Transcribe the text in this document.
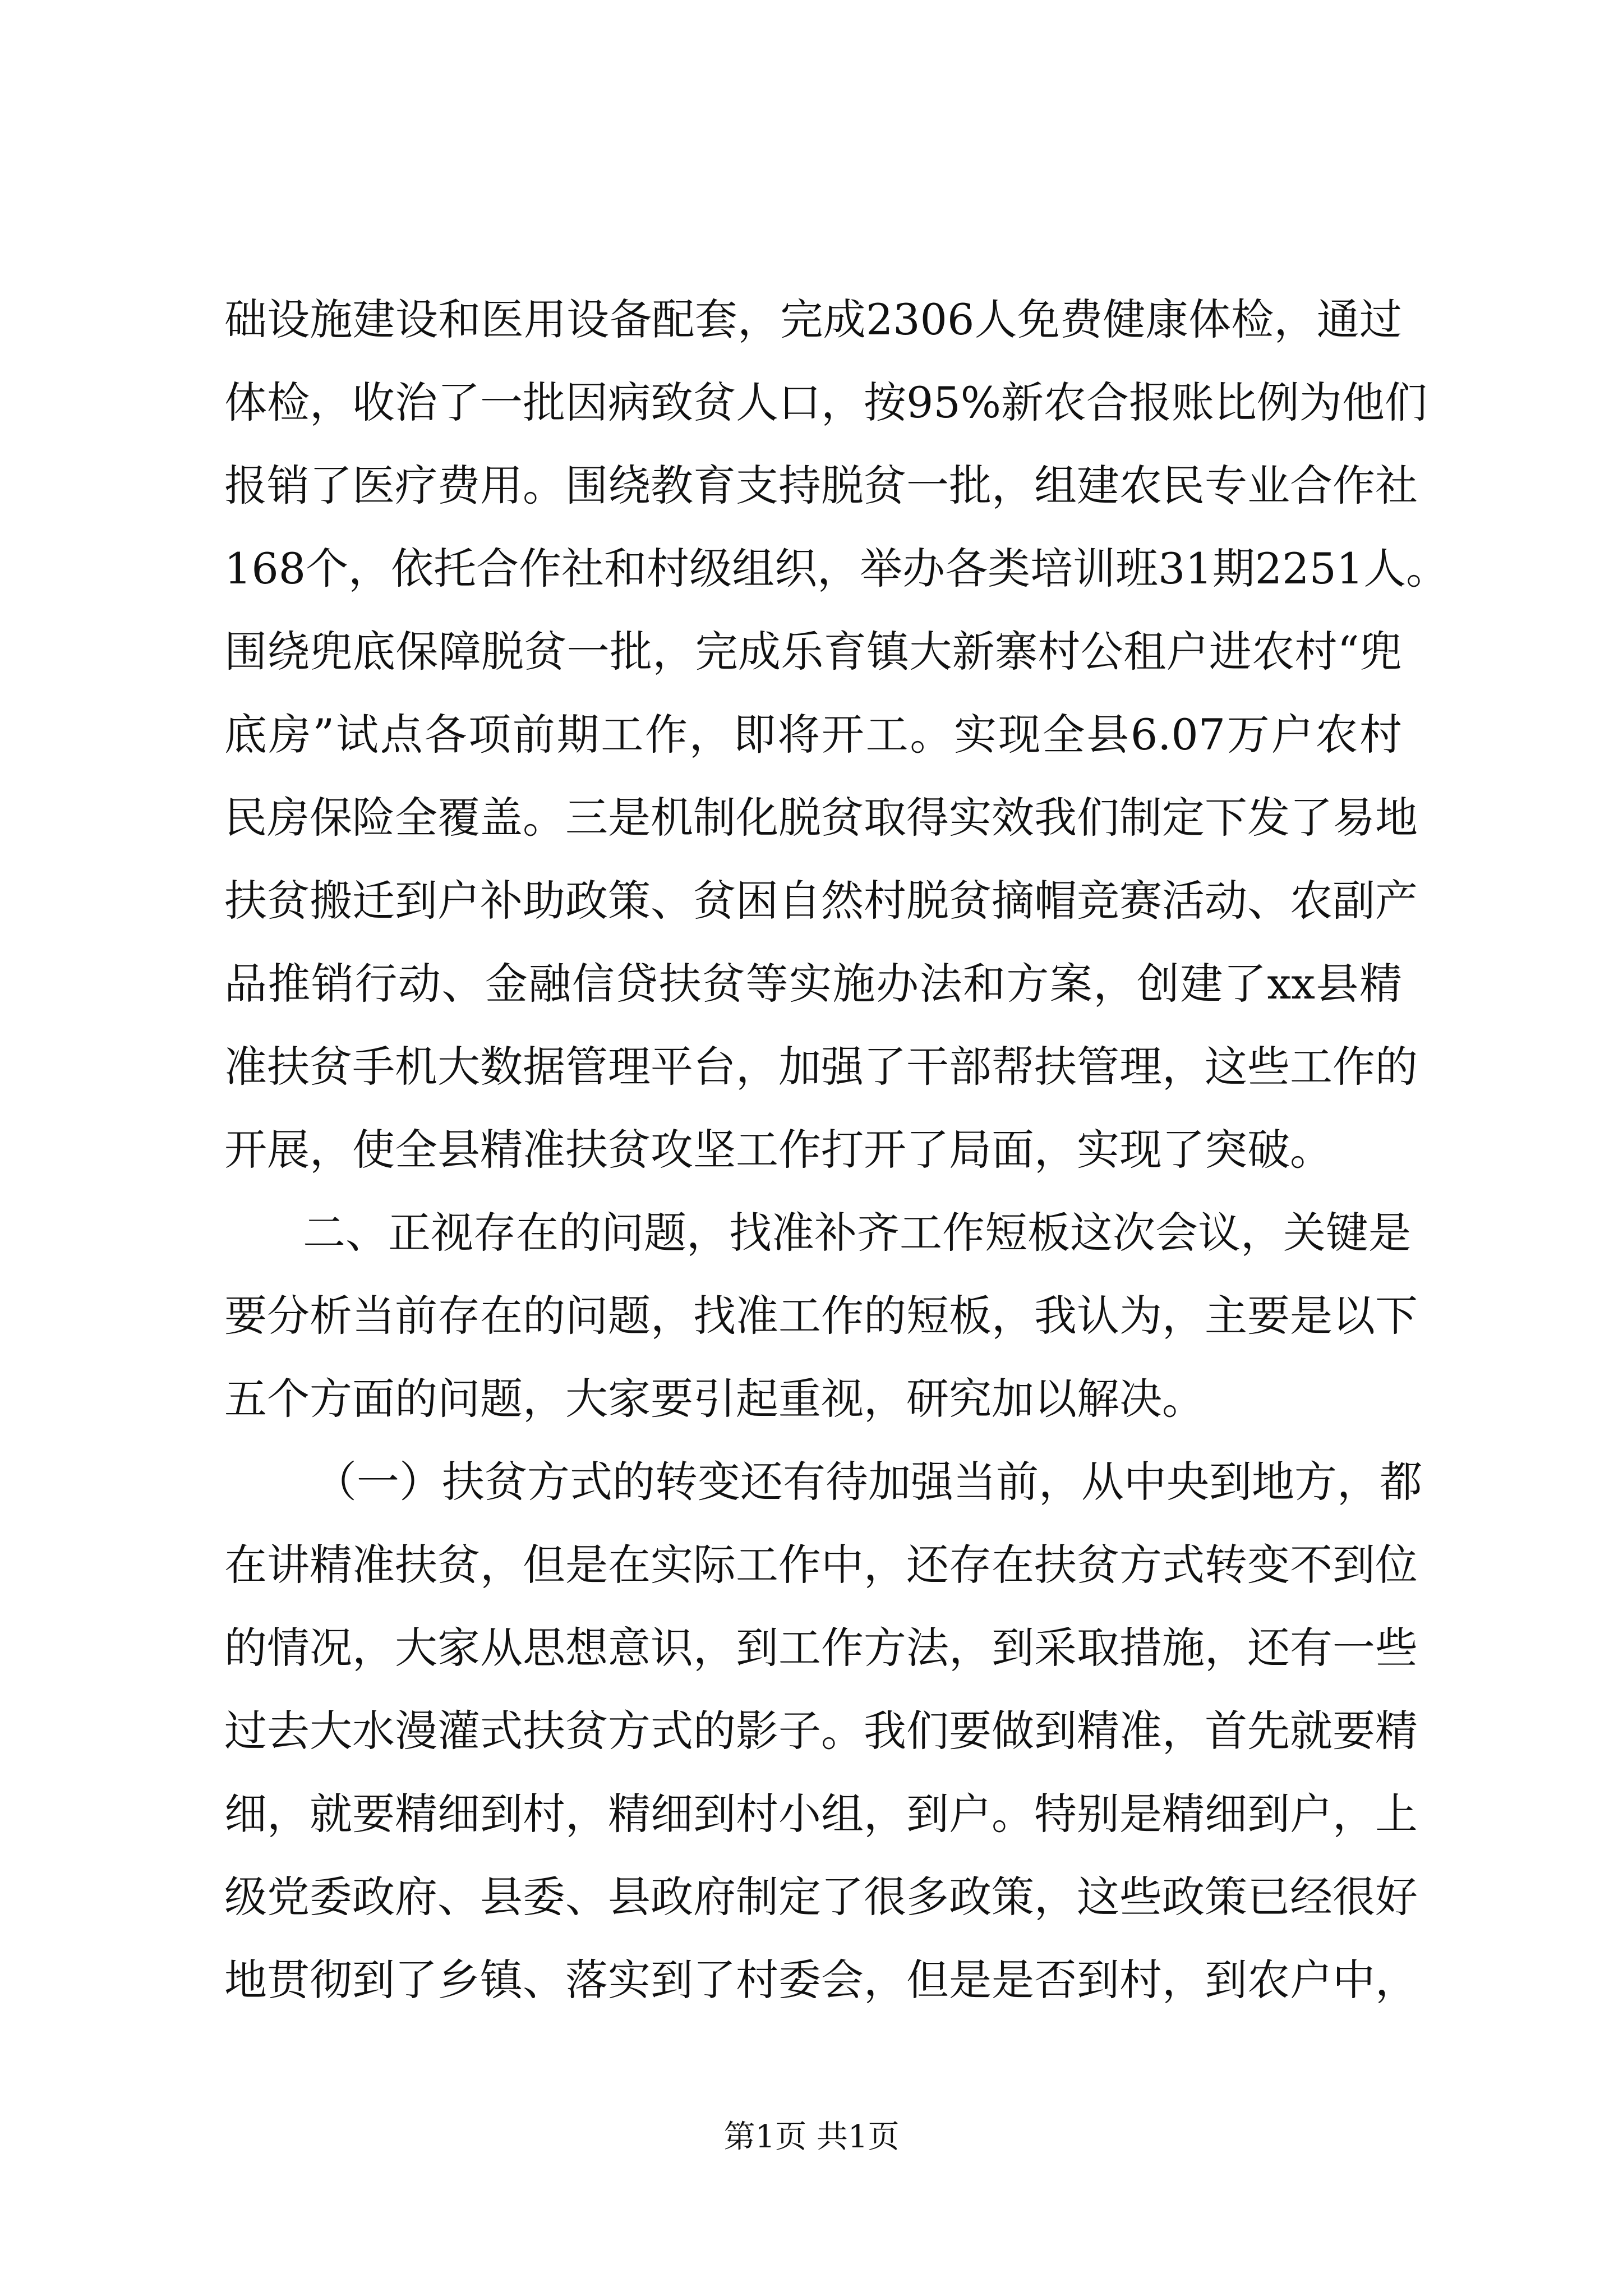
础设施建设和医用设备配套，完成2306人免费健康体检，通过
体检，收治了一批因病致贫人口，按95%新农合报账比例为他们
报销了医疗费用。围绕教育支持脱贫一批，组建农民专业合作社
168个，依托合作社和村级组织，举办各类培训班31期2251人。
围绕兜底保障脱贫一批，完成乐育镇大新寨村公租户进农村“兜
底房”试点各项前期工作，即将开工。实现全县6.07万户农村
民房保险全覆盖。三是机制化脱贫取得实效我们制定下发了易地
扶贫搬迁到户补助政策、贫困自然村脱贫摘帽竞赛活动、农副产
品推销行动、金融信贷扶贫等实施办法和方案，创建了xx县精
准扶贫手机大数据管理平台，加强了干部帮扶管理，这些工作的
开展，使全县精准扶贫攻坚工作打开了局面，实现了突破。
二、正视存在的问题，找准补齐工作短板这次会议，关键是
要分析当前存在的问题，找准工作的短板，我认为，主要是以下
五个方面的问题，大家要引起重视，研究加以解决。
（一）扶贫方式的转变还有待加强当前，从中央到地方，都
在讲精准扶贫，但是在实际工作中，还存在扶贫方式转变不到位
的情况，大家从思想意识，到工作方法，到采取措施，还有一些
过去大水漫灌式扶贫方式的影子。我们要做到精准，首先就要精
细，就要精细到村，精细到村小组，到户。特别是精细到户，上
级党委政府、县委、县政府制定了很多政策，这些政策已经很好
地贯彻到了乡镇、落实到了村委会，但是是否到村，到农户中，
第1页 共1页
